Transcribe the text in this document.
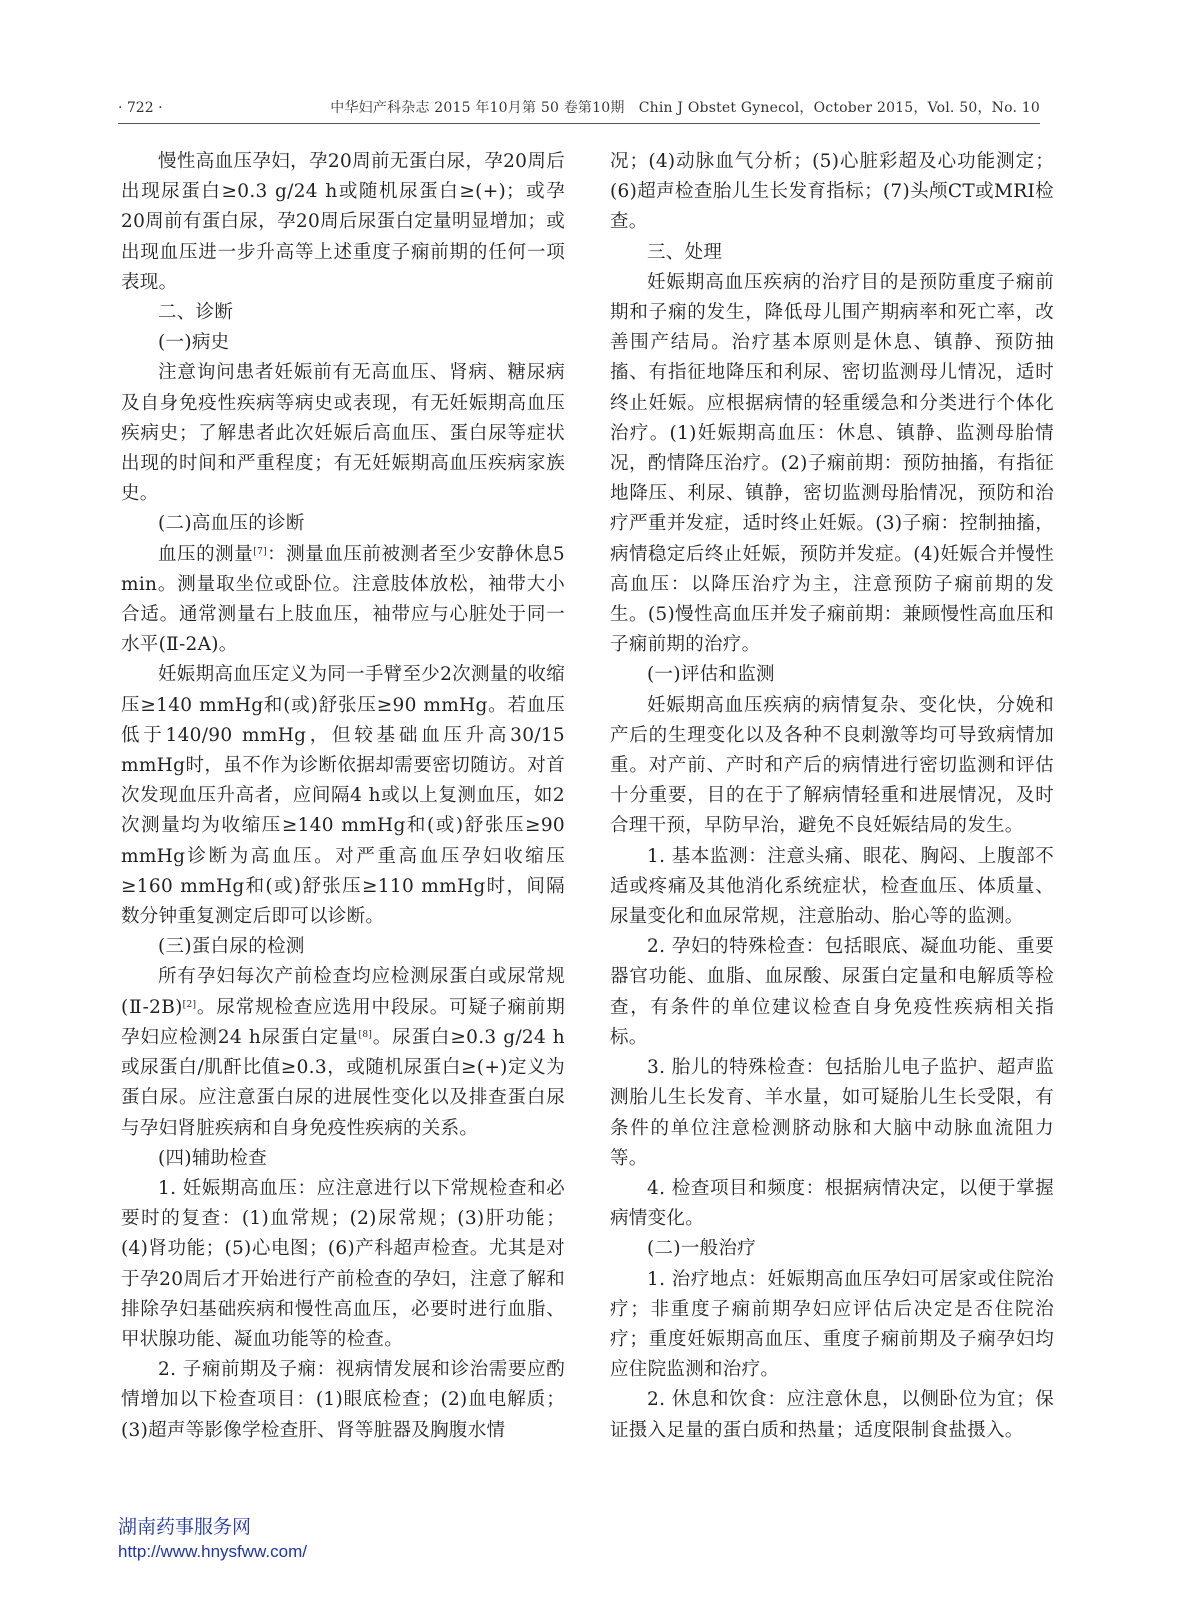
· 722 ·	中华妇产科杂志 2015 年10月第 50 卷第10期　Chin J Obstet Gynecol，October 2015，Vol. 50，No. 10

慢性高血压孕妇，孕20周前无蛋白尿，孕20周后出现尿蛋白≥0.3 g/24 h或随机尿蛋白≥(+)；或孕20周前有蛋白尿，孕20周后尿蛋白定量明显增加；或出现血压进一步升高等上述重度子痫前期的任何一项表现。

二、诊断

(一)病史

注意询问患者妊娠前有无高血压、肾病、糖尿病及自身免疫性疾病等病史或表现，有无妊娠期高血压疾病史；了解患者此次妊娠后高血压、蛋白尿等症状出现的时间和严重程度；有无妊娠期高血压疾病家族史。

(二)高血压的诊断

血压的测量[7]：测量血压前被测者至少安静休息5 min。测量取坐位或卧位。注意肢体放松，袖带大小合适。通常测量右上肢血压，袖带应与心脏处于同一水平(Ⅱ-2A)。

妊娠期高血压定义为同一手臂至少2次测量的收缩压≥140 mmHg和(或)舒张压≥90 mmHg。若血压低于140/90 mmHg，但较基础血压升高30/15 mmHg时，虽不作为诊断依据却需要密切随访。对首次发现血压升高者，应间隔4 h或以上复测血压，如2次测量均为收缩压≥140 mmHg和(或)舒张压≥90 mmHg诊断为高血压。对严重高血压孕妇收缩压≥160 mmHg和(或)舒张压≥110 mmHg时，间隔数分钟重复测定后即可以诊断。

(三)蛋白尿的检测

所有孕妇每次产前检查均应检测尿蛋白或尿常规(Ⅱ-2B)[2]。尿常规检查应选用中段尿。可疑子痫前期孕妇应检测24 h尿蛋白定量[8]。尿蛋白≥0.3 g/24 h或尿蛋白/肌酐比值≥0.3，或随机尿蛋白≥(+)定义为蛋白尿。应注意蛋白尿的进展性变化以及排查蛋白尿与孕妇肾脏疾病和自身免疫性疾病的关系。

(四)辅助检查

1. 妊娠期高血压：应注意进行以下常规检查和必要时的复查：(1)血常规；(2)尿常规；(3)肝功能；(4)肾功能；(5)心电图；(6)产科超声检查。尤其是对于孕20周后才开始进行产前检查的孕妇，注意了解和排除孕妇基础疾病和慢性高血压，必要时进行血脂、甲状腺功能、凝血功能等的检查。

2. 子痫前期及子痫：视病情发展和诊治需要应酌情增加以下检查项目：(1)眼底检查；(2)血电解质；(3)超声等影像学检查肝、肾等脏器及胸腹水情

况；(4)动脉血气分析；(5)心脏彩超及心功能测定；(6)超声检查胎儿生长发育指标；(7)头颅CT或MRI检查。

三、处理

妊娠期高血压疾病的治疗目的是预防重度子痫前期和子痫的发生，降低母儿围产期病率和死亡率，改善围产结局。治疗基本原则是休息、镇静、预防抽搐、有指征地降压和利尿、密切监测母儿情况，适时终止妊娠。应根据病情的轻重缓急和分类进行个体化治疗。(1)妊娠期高血压：休息、镇静、监测母胎情况，酌情降压治疗。(2)子痫前期：预防抽搐，有指征地降压、利尿、镇静，密切监测母胎情况，预防和治疗严重并发症，适时终止妊娠。(3)子痫：控制抽搐，病情稳定后终止妊娠，预防并发症。(4)妊娠合并慢性高血压：以降压治疗为主，注意预防子痫前期的发生。(5)慢性高血压并发子痫前期：兼顾慢性高血压和子痫前期的治疗。

(一)评估和监测

妊娠期高血压疾病的病情复杂、变化快，分娩和产后的生理变化以及各种不良刺激等均可导致病情加重。对产前、产时和产后的病情进行密切监测和评估十分重要，目的在于了解病情轻重和进展情况，及时合理干预，早防早治，避免不良妊娠结局的发生。

1. 基本监测：注意头痛、眼花、胸闷、上腹部不适或疼痛及其他消化系统症状，检查血压、体质量、尿量变化和血尿常规，注意胎动、胎心等的监测。

2. 孕妇的特殊检查：包括眼底、凝血功能、重要器官功能、血脂、血尿酸、尿蛋白定量和电解质等检查，有条件的单位建议检查自身免疫性疾病相关指标。

3. 胎儿的特殊检查：包括胎儿电子监护、超声监测胎儿生长发育、羊水量，如可疑胎儿生长受限，有条件的单位注意检测脐动脉和大脑中动脉血流阻力等。

4. 检查项目和频度：根据病情决定，以便于掌握病情变化。

(二)一般治疗

1. 治疗地点：妊娠期高血压孕妇可居家或住院治疗；非重度子痫前期孕妇应评估后决定是否住院治疗；重度妊娠期高血压、重度子痫前期及子痫孕妇均应住院监测和治疗。

2. 休息和饮食：应注意休息，以侧卧位为宜；保证摄入足量的蛋白质和热量；适度限制食盐摄入。

湖南药事服务网
http://www.hnysfww.com/
